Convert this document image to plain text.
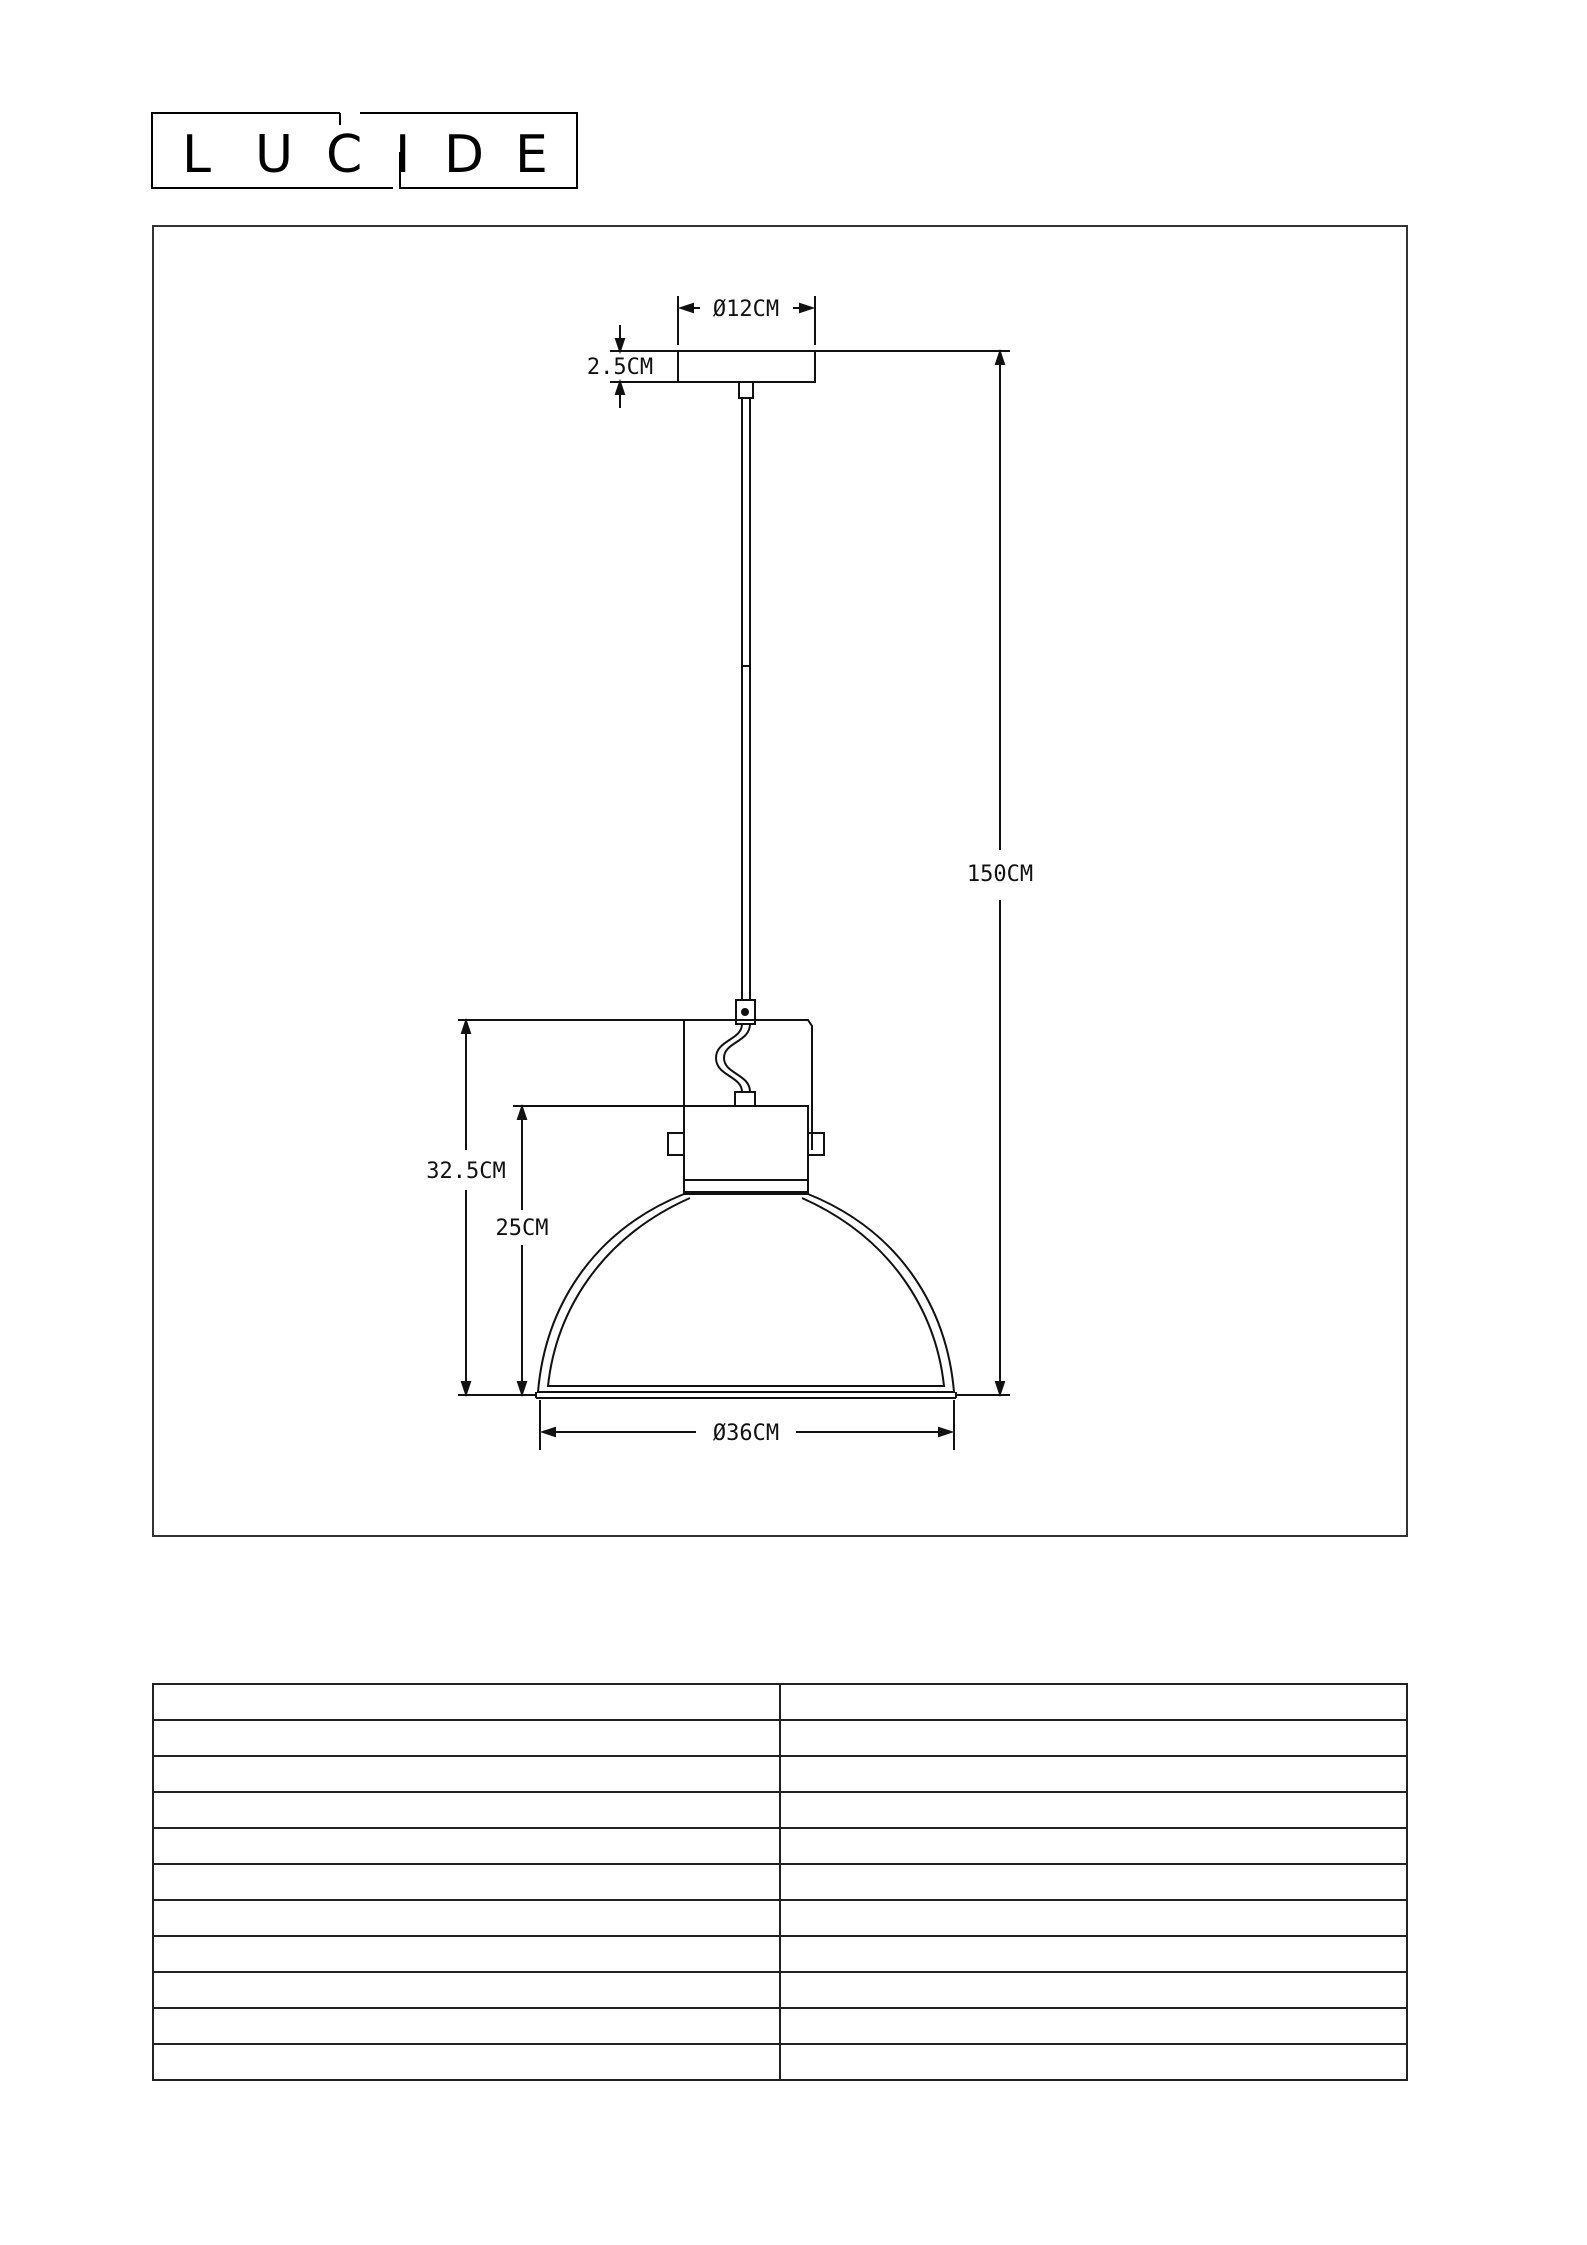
L U C I D E
Ø12CM
2.5CM
150CM
32.5CM
25CM
Ø36CM
